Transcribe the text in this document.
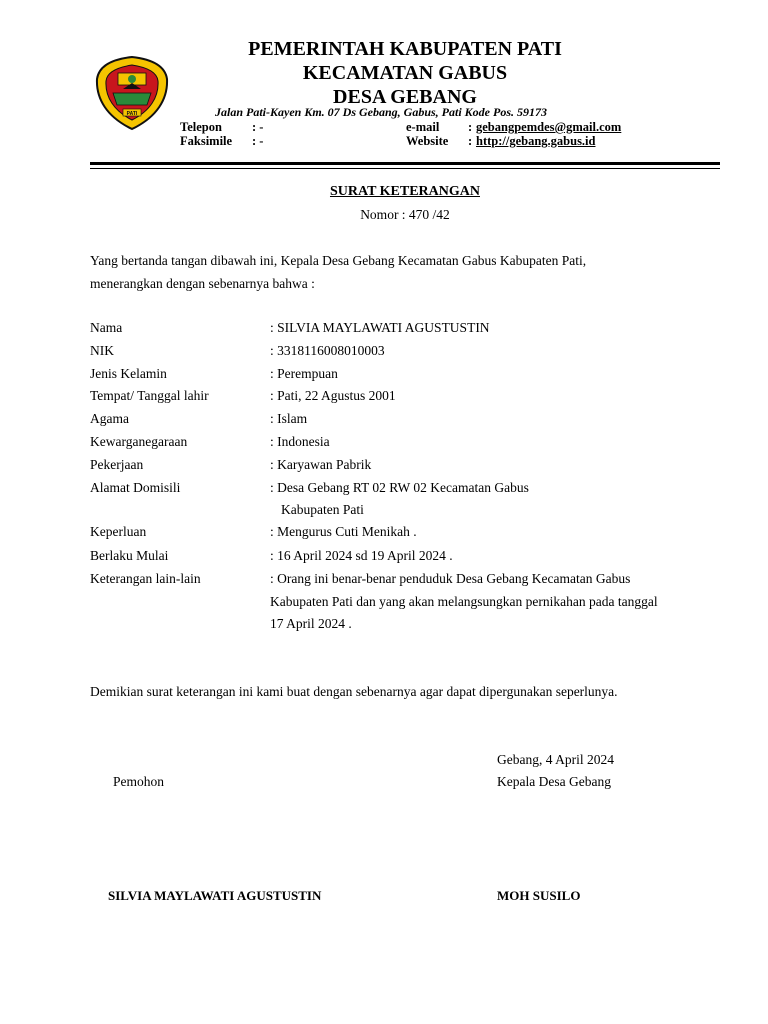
PATI
PEMERINTAH KABUPATEN PATI
KECAMATAN GABUS
DESA GEBANG
Jalan Pati-Kayen Km. 07 Ds Gebang, Gabus, Pati Kode Pos. 59173
Telepon : -
Faksimile : -
e-mail : gebangpemdes@gmail.com
Website : http://gebang.gabus.id
SURAT KETERANGAN
Nomor : 470 /42
Yang bertanda tangan dibawah ini, Kepala Desa Gebang Kecamatan Gabus Kabupaten Pati,
menerangkan dengan sebenarnya bahwa :
Nama	: SILVIA MAYLAWATI AGUSTUSTIN
NIK	: 3318116008010003
Jenis Kelamin	: Perempuan
Tempat/ Tanggal lahir	: Pati, 22 Agustus 2001
Agama	: Islam
Kewarganegaraan	: Indonesia
Pekerjaan	: Karyawan Pabrik
Alamat Domisili	: Desa Gebang RT 02 RW 02 Kecamatan Gabus
Kabupaten Pati
Keperluan	: Mengurus Cuti Menikah .
Berlaku Mulai	: 16 April 2024 sd 19 April 2024 .
Keterangan lain-lain	: Orang ini benar-benar penduduk Desa Gebang Kecamatan Gabus
Kabupaten Pati dan yang akan melangsungkan pernikahan pada tanggal
17 April 2024 .
Demikian surat keterangan ini kami buat dengan sebenarnya agar dapat dipergunakan seperlunya.
Gebang, 4 April 2024
Pemohon	Kepala Desa Gebang
SILVIA MAYLAWATI AGUSTUSTIN	MOH SUSILO
